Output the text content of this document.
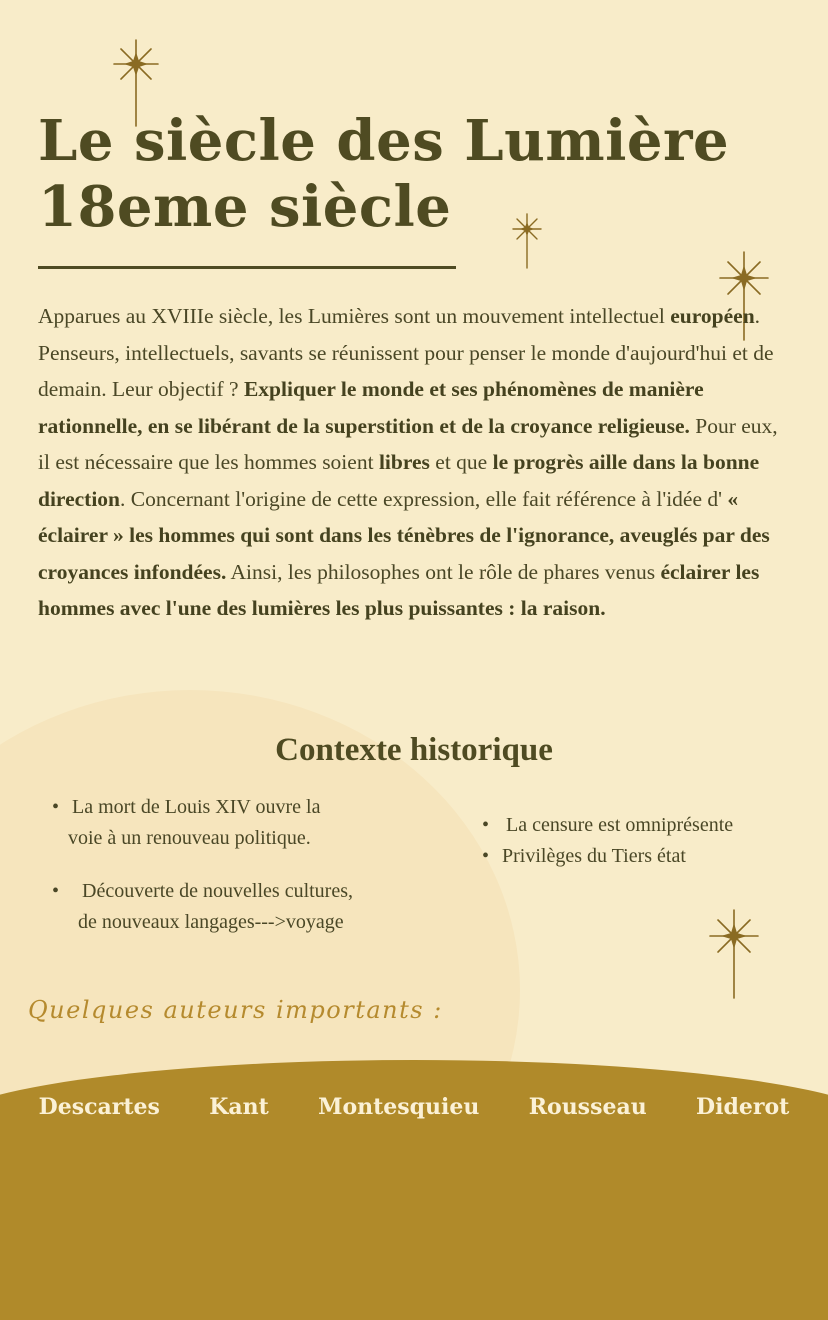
Le siècle des Lumière
18eme siècle

Apparues au XVIIIe siècle, les Lumières sont un mouvement intellectuel européen. Penseurs, intellectuels, savants se réunissent pour penser le monde d'aujourd'hui et de demain. Leur objectif ? Expliquer le monde et ses phénomènes de manière rationnelle, en se libérant de la superstition et de la croyance religieuse. Pour eux, il est nécessaire que les hommes soient libres et que le progrès aille dans la bonne direction. Concernant l'origine de cette expression, elle fait référence à l'idée d' « éclairer » les hommes qui sont dans les ténèbres de l'ignorance, aveuglés par des croyances infondées. Ainsi, les philosophes ont le rôle de phares venus éclairer les hommes avec l'une des lumières les plus puissantes : la raison.

Contexte historique
• La mort de Louis XIV ouvre la
voie à un renouveau politique.
• Découverte de nouvelles cultures,
de nouveaux langages--->voyage
• La censure est omniprésente
• Privilèges du Tiers état

Quelques auteurs importants :

Descartes Kant Montesquieu Rousseau Diderot
